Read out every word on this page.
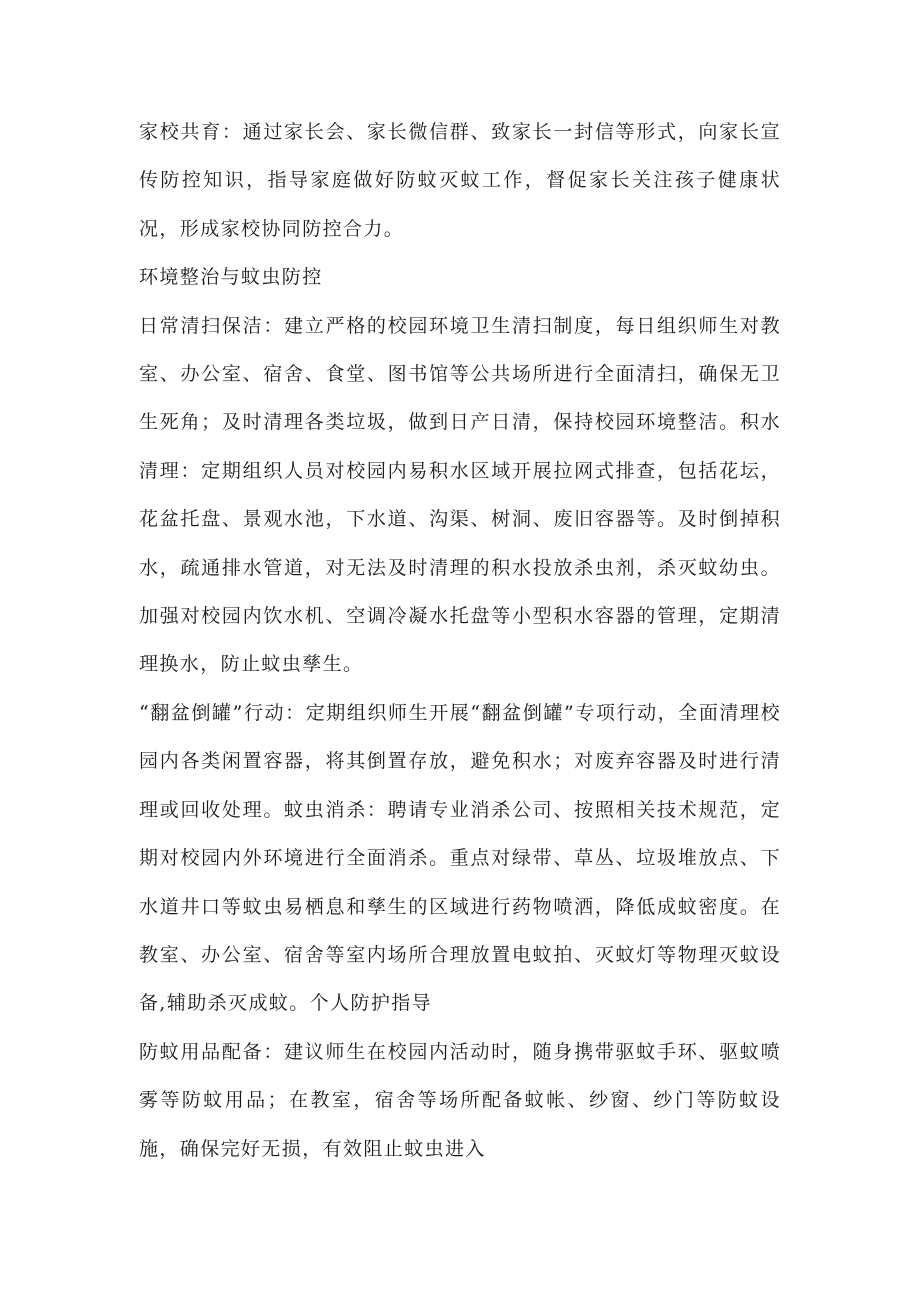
家校共育：通过家长会、家长微信群、致家长一封信等形式，向家长宣传防控知识，指导家庭做好防蚊灭蚊工作，督促家长关注孩子健康状况，形成家校协同防控合力。

环境整治与蚊虫防控

日常清扫保洁：建立严格的校园环境卫生清扫制度，每日组织师生对教室、办公室、宿舍、食堂、图书馆等公共场所进行全面清扫，确保无卫生死角；及时清理各类垃圾，做到日产日清，保持校园环境整洁。积水清理：定期组织人员对校园内易积水区域开展拉网式排查，包括花坛，花盆托盘、景观水池，下水道、沟渠、树洞、废旧容器等。及时倒掉积水，疏通排水管道，对无法及时清理的积水投放杀虫剂，杀灭蚊幼虫。加强对校园内饮水机、空调冷凝水托盘等小型积水容器的管理，定期清理换水，防止蚊虫孳生。

“翻盆倒罐”行动：定期组织师生开展“翻盆倒罐”专项行动，全面清理校园内各类闲置容器，将其倒置存放，避免积水；对废弃容器及时进行清理或回收处理。蚊虫消杀：聘请专业消杀公司、按照相关技术规范，定期对校园内外环境进行全面消杀。重点对绿带、草丛、垃圾堆放点、下水道井口等蚊虫易栖息和孳生的区域进行药物喷洒，降低成蚊密度。在教室、办公室、宿舍等室内场所合理放置电蚊拍、灭蚊灯等物理灭蚊设备,辅助杀灭成蚊。个人防护指导

防蚊用品配备：建议师生在校园内活动时，随身携带驱蚊手环、驱蚊喷雾等防蚊用品；在教室，宿舍等场所配备蚊帐、纱窗、纱门等防蚊设施，确保完好无损，有效阻止蚊虫进入
